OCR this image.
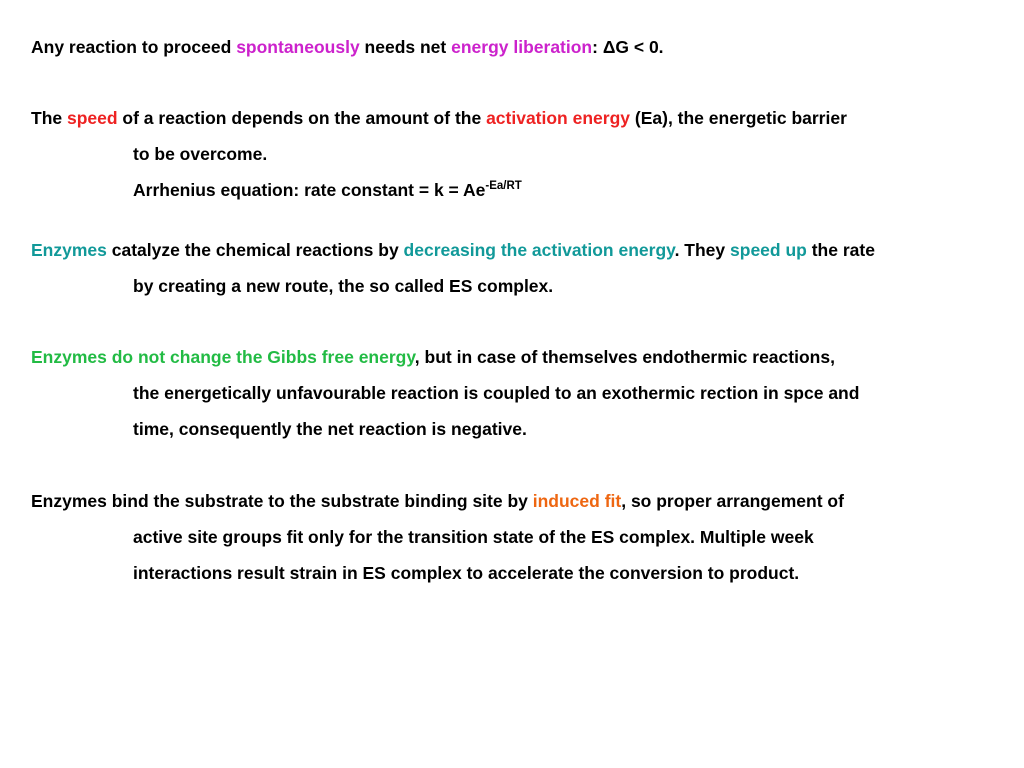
Any reaction to proceed spontaneously needs net energy liberation: ΔG < 0.
The speed of a reaction depends on the amount of the activation energy (Ea), the energetic barrier
to be overcome.
Arrhenius equation: rate constant = $k = Ae^{-Ea/RT}$
Enzymes catalyze the chemical reactions by decreasing the activation energy. They speed up the rate
by creating a new route, the so called ES complex.
Enzymes do not change the Gibbs free energy, but in case of themselves endothermic reactions,
the energetically unfavourable reaction is coupled to an exothermic rection in spce and
time, consequently the net reaction is negative.
Enzymes bind the substrate to the substrate binding site by induced fit, so proper arrangement of
active site groups fit only for the transition state of the ES complex. Multiple week
interactions result strain in ES complex to accelerate the conversion to product.
